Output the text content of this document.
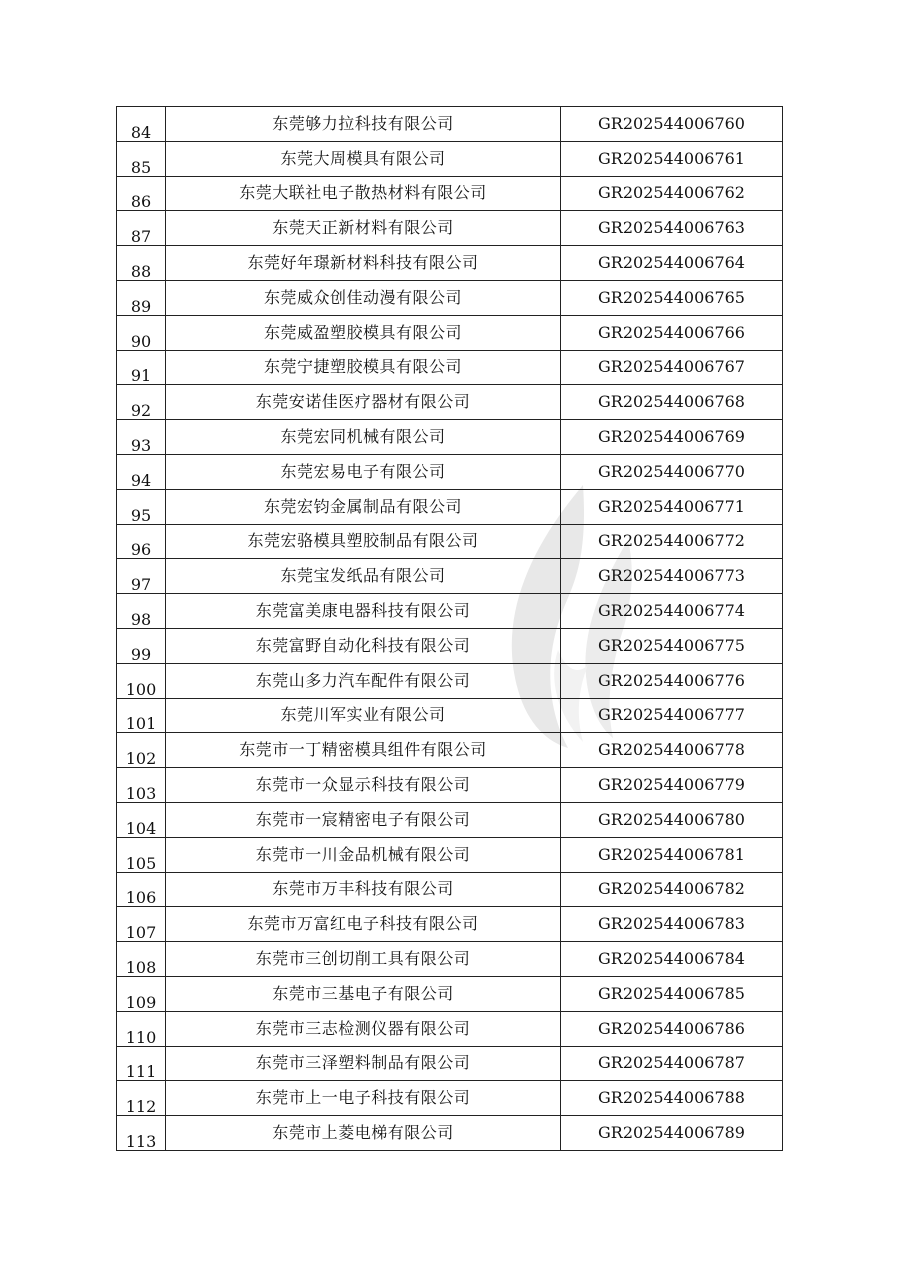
84	东莞够力拉科技有限公司	GR202544006760
85	东莞大周模具有限公司	GR202544006761
86	东莞大联社电子散热材料有限公司	GR202544006762
87	东莞天正新材料有限公司	GR202544006763
88	东莞好年璟新材料科技有限公司	GR202544006764
89	东莞威众创佳动漫有限公司	GR202544006765
90	东莞威盈塑胶模具有限公司	GR202544006766
91	东莞宁捷塑胶模具有限公司	GR202544006767
92	东莞安诺佳医疗器材有限公司	GR202544006768
93	东莞宏同机械有限公司	GR202544006769
94	东莞宏易电子有限公司	GR202544006770
95	东莞宏钧金属制品有限公司	GR202544006771
96	东莞宏骆模具塑胶制品有限公司	GR202544006772
97	东莞宝发纸品有限公司	GR202544006773
98	东莞富美康电器科技有限公司	GR202544006774
99	东莞富野自动化科技有限公司	GR202544006775
100	东莞山多力汽车配件有限公司	GR202544006776
101	东莞川军实业有限公司	GR202544006777
102	东莞市一丁精密模具组件有限公司	GR202544006778
103	东莞市一众显示科技有限公司	GR202544006779
104	东莞市一宸精密电子有限公司	GR202544006780
105	东莞市一川金品机械有限公司	GR202544006781
106	东莞市万丰科技有限公司	GR202544006782
107	东莞市万富红电子科技有限公司	GR202544006783
108	东莞市三创切削工具有限公司	GR202544006784
109	东莞市三基电子有限公司	GR202544006785
110	东莞市三志检测仪器有限公司	GR202544006786
111	东莞市三泽塑料制品有限公司	GR202544006787
112	东莞市上一电子科技有限公司	GR202544006788
113	东莞市上菱电梯有限公司	GR202544006789
